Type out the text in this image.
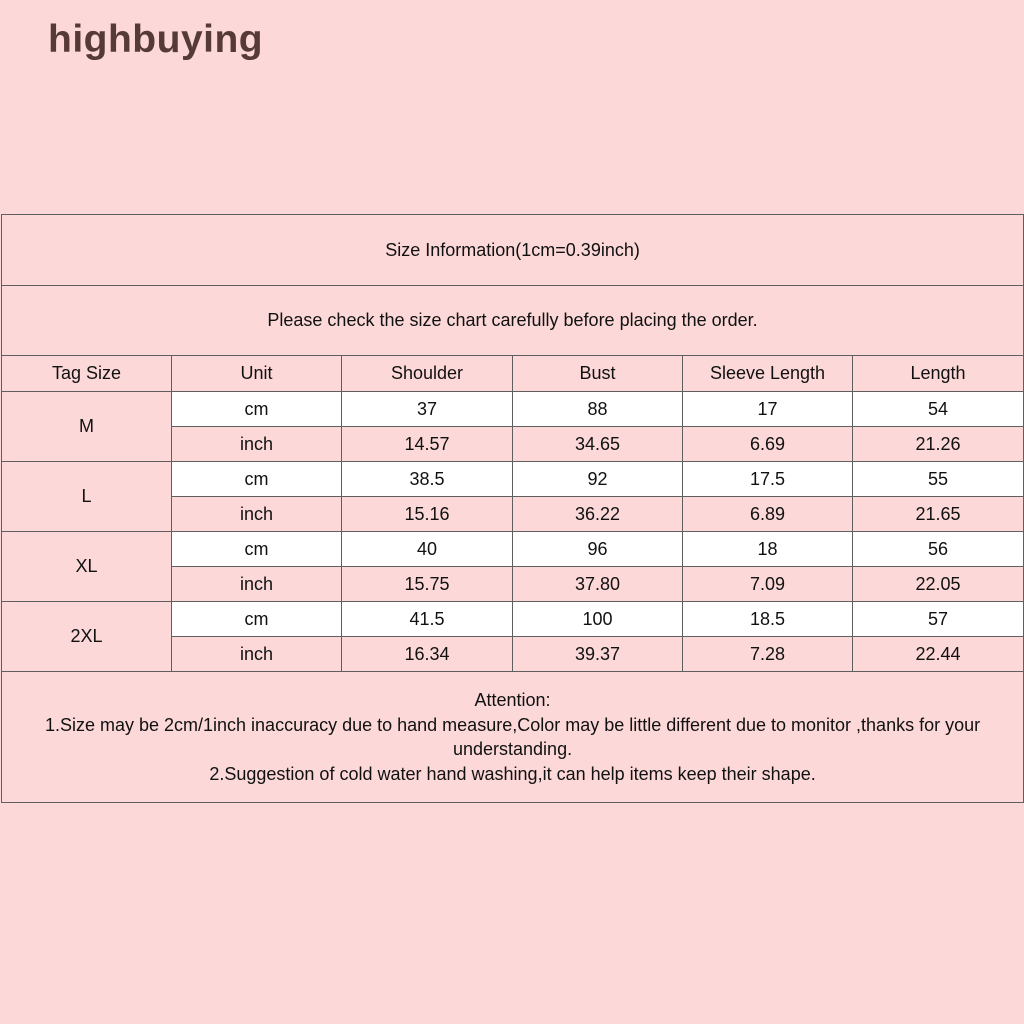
highbuying
Size Information(1cm=0.39inch)					
Please check the size chart carefully before placing the order.					
Tag Size	Unit	Shoulder	Bust	Sleeve Length	Length
M	cm	37	88	17	54
	inch	14.57	34.65	6.69	21.26
L	cm	38.5	92	17.5	55
	inch	15.16	36.22	6.89	21.65
XL	cm	40	96	18	56
	inch	15.75	37.80	7.09	22.05
2XL	cm	41.5	100	18.5	57
	inch	16.34	39.37	7.28	22.44

Attention:
1.Size may be 2cm/1inch inaccuracy due to hand measure,Color may be little different due to monitor ,thanks for your understanding.
2.Suggestion of cold water hand washing,it can help items keep their shape.					
